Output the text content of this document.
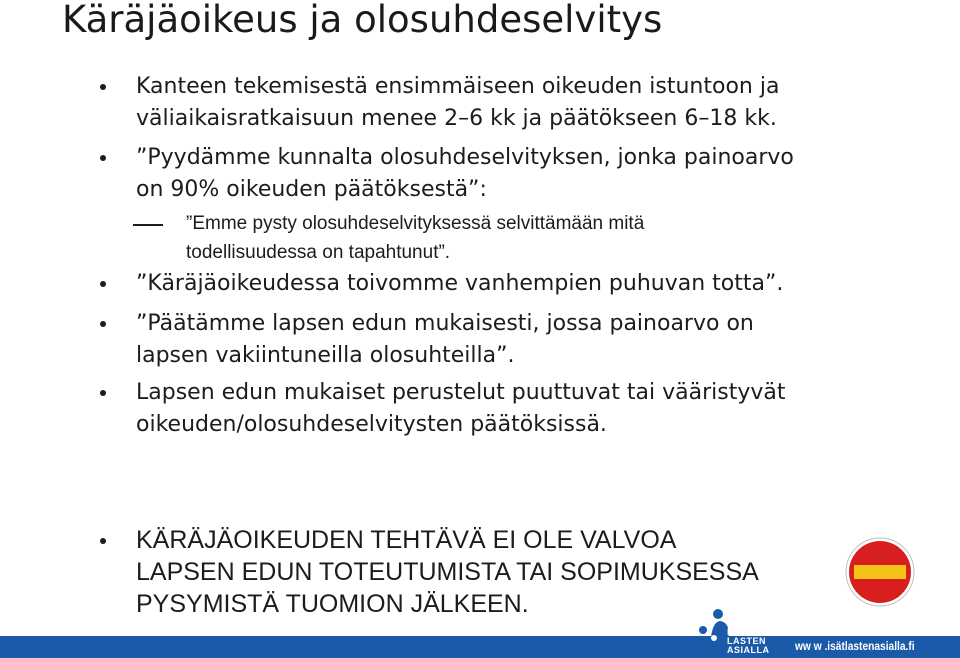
Käräjäoikeus ja olosuhdeselvitys
Kanteen tekemisestä ensimmäiseen oikeuden istuntoon ja
väliaikaisratkaisuun menee 2–6 kk ja päätökseen 6–18 kk.
”Pyydämme kunnalta olosuhdeselvityksen, jonka painoarvo
on 90% oikeuden päätöksestä”:
”Emme pysty olosuhdeselvityksessä selvittämään mitä
todellisuudessa on tapahtunut”.
”Käräjäoikeudessa toivomme vanhempien puhuvan totta”.
”Päätämme lapsen edun mukaisesti, jossa painoarvo on
lapsen vakiintuneilla olosuhteilla”.
Lapsen edun mukaiset perustelut puuttuvat tai vääristyvät
oikeuden/olosuhdeselvitysten päätöksissä.
KÄRÄJÄOIKEUDEN TEHTÄVÄ EI OLE VALVOA
LAPSEN EDUN TOTEUTUMISTA TAI SOPIMUKSESSA
PYSYMISTÄ TUOMION JÄLKEEN.
ISÄT
LASTEN
ASIALLA ww w .isätlastenasialla.fi
